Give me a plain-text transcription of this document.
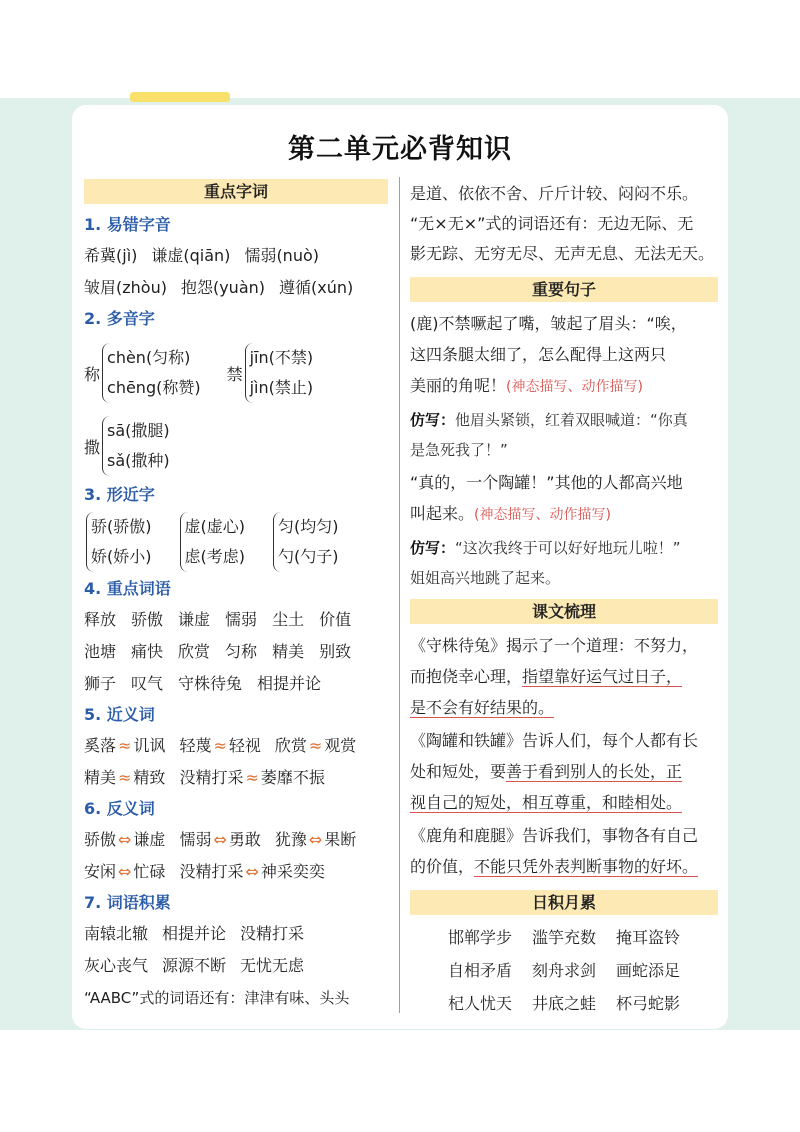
第二单元必背知识
重点字词
1. 易错字音
希冀(jì) 谦虚(qiān) 懦弱(nuò)
皱眉(zhòu) 抱怨(yuàn) 遵循(xún)
2. 多音字
称
chèn(匀称)
chēng(称赞)
禁
jīn(不禁)
jìn(禁止)
撒
sā(撒腿)
sǎ(撒种)
3. 形近字
骄(骄傲)
娇(娇小)
虚(虚心)
虑(考虑)
匀(均匀)
勺(勺子)
4. 重点词语
释放 骄傲 谦虚 懦弱 尘土 价值
池塘 痛快 欣赏 匀称 精美 别致
狮子 叹气 守株待兔 相提并论
5. 近义词
奚落 ≈ 讥讽 轻蔑 ≈ 轻视 欣赏 ≈ 观赏
精美 ≈ 精致 没精打采 ≈ 萎靡不振
6. 反义词
骄傲 ⇔ 谦虚 懦弱 ⇔ 勇敢 犹豫 ⇔ 果断
安闲 ⇔ 忙碌 没精打采 ⇔ 神采奕奕
7. 词语积累
南辕北辙 相提并论 没精打采
灰心丧气 源源不断 无忧无虑
“AABC”式的词语还有：津津有味、头头

是道、依依不舍、斤斤计较、闷闷不乐。

“无×无×”式的词语还有：无边无际、无

影无踪、无穷无尽、无声无息、无法无天。

重要句子
(鹿)不禁噘起了嘴，皱起了眉头：“唉，
这四条腿太细了，怎么配得上这两只
美丽的角呢！(神态描写、动作描写)
仿写：他眉头紧锁，红着双眼喊道：“你真
是急死我了！”
“真的，一个陶罐！”其他的人都高兴地
叫起来。(神态描写、动作描写)
仿写：“这次我终于可以好好地玩儿啦！”
姐姐高兴地跳了起来。
课文梳理
《守株待兔》揭示了一个道理：不努力，
而抱侥幸心理，指望靠好运气过日子，
是不会有好结果的。
《陶罐和铁罐》告诉人们，每个人都有长
处和短处，要善于看到别人的长处，正
视自己的短处，相互尊重，和睦相处。
《鹿角和鹿腿》告诉我们，事物各有自己
的价值，不能只凭外表判断事物的好坏。
日积月累
邯郸学步 滥竽充数 掩耳盗铃
自相矛盾 刻舟求剑 画蛇添足
杞人忧天 井底之蛙 杯弓蛇影
